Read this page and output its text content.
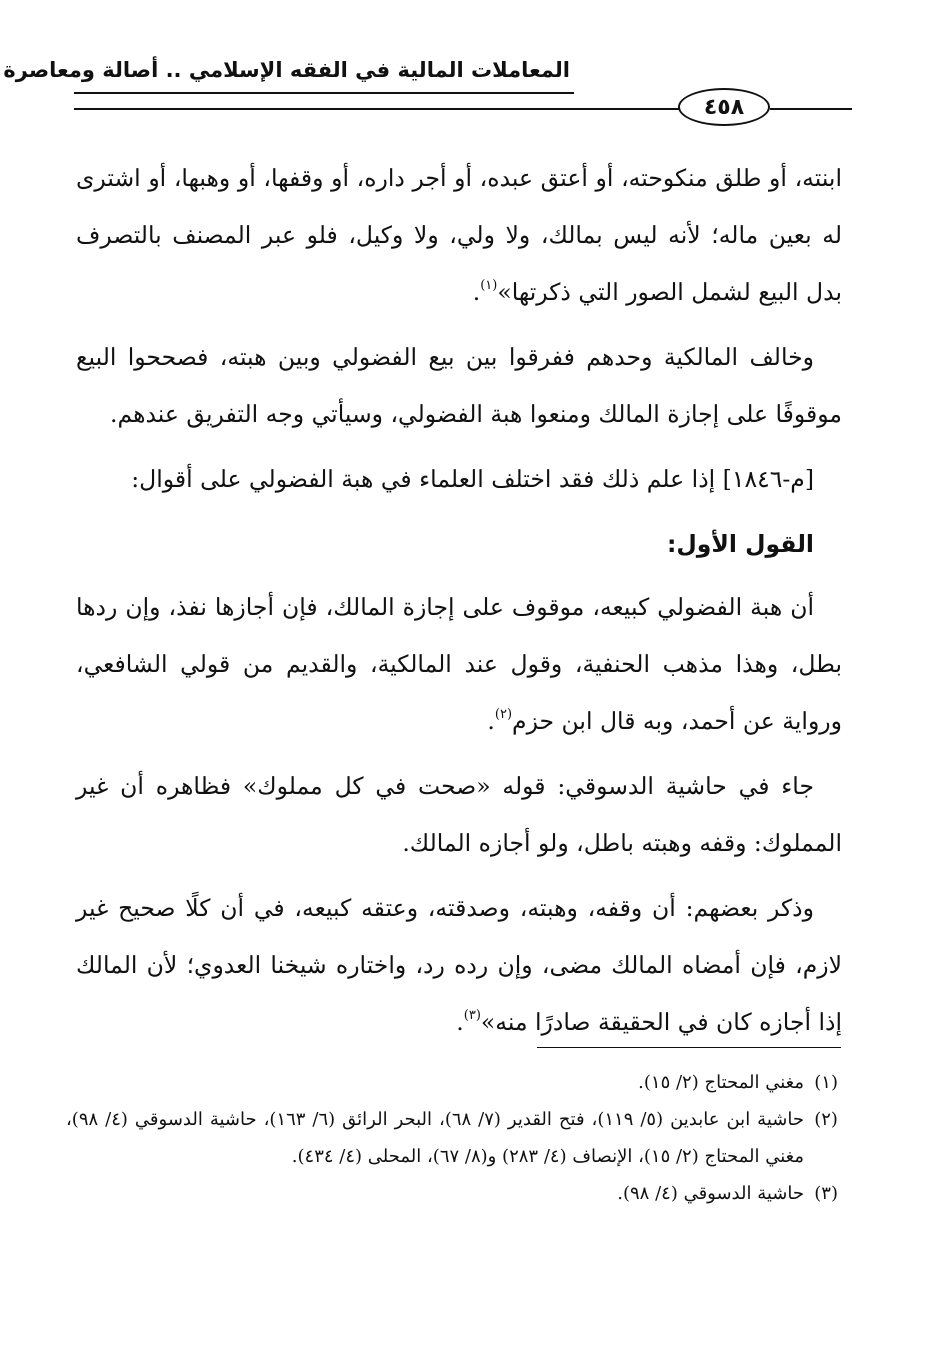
المعاملات المالية في الفقه الإسلامي .. أصالة ومعاصرة
٤٥٨

ابنته، أو طلق منكوحته، أو أعتق عبده، أو أجر داره، أو وقفها، أو وهبها، أو اشترى له بعين ماله؛ لأنه ليس بمالك، ولا ولي، ولا وكيل، فلو عبر المصنف بالتصرف بدل البيع لشمل الصور التي ذكرتها»$^{(١)}$.

وخالف المالكية وحدهم ففرقوا بين بيع الفضولي وبين هبته، فصححوا البيع موقوفًا على إجازة المالك ومنعوا هبة الفضولي، وسيأتي وجه التفريق عندهم.

[م-١٨٤٦] إذا علم ذلك فقد اختلف العلماء في هبة الفضولي على أقوال:

القول الأول:

أن هبة الفضولي كبيعه، موقوف على إجازة المالك، فإن أجازها نفذ، وإن ردها بطل، وهذا مذهب الحنفية، وقول عند المالكية، والقديم من قولي الشافعي، ورواية عن أحمد، وبه قال ابن حزم$^{(٢)}$.

جاء في حاشية الدسوقي: قوله «صحت في كل مملوك» فظاهره أن غير المملوك: وقفه وهبته باطل، ولو أجازه المالك.

وذكر بعضهم: أن وقفه، وهبته، وصدقته، وعتقه كبيعه، في أن كلًا صحيح غير لازم، فإن أمضاه المالك مضى، وإن رده رد، واختاره شيخنا العدوي؛ لأن المالك إذا أجازه كان في الحقيقة صادرًا منه»$^{(٣)}$.

(١)مغني المحتاج (٢/ ١٥).

(٢)حاشية ابن عابدين (٥/ ١١٩)، فتح القدير (٧/ ٦٨)، البحر الرائق (٦/ ١٦٣)، حاشية الدسوقي (٤/ ٩٨)، مغني المحتاج (٢/ ١٥)، الإنصاف (٤/ ٢٨٣) و(٨/ ٦٧)، المحلى (٤/ ٤٣٤).

(٣)حاشية الدسوقي (٤/ ٩٨).
